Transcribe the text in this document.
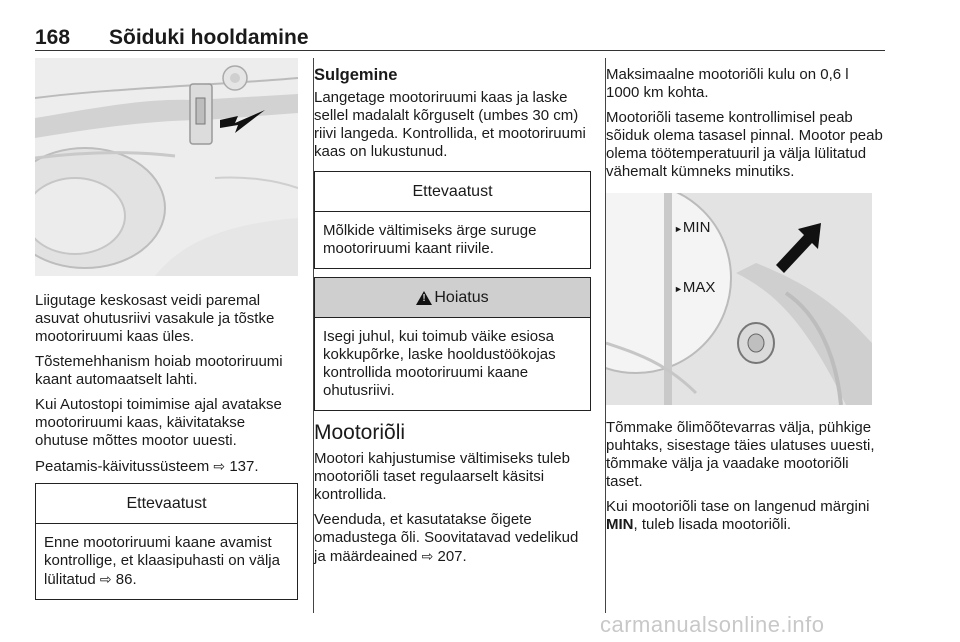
168 Sõiduki hooldamine

Liigutage keskosast veidi paremal asuvat ohutusriivi vasakule ja tõstke mootoriruumi kaas üles.

Tõstemehhanism hoiab mootoriruumi kaant automaatselt lahti.

Kui Autostopi toimimise ajal avatakse mootoriruumi kaas, käivitatakse ohutuse mõttes mootor uuesti.

Peatamis-käivitussüsteem ⇨ 137.

Ettevaatust
Enne mootoriruumi kaane avamist kontrollige, et klaasipuhasti on välja lülitatud ⇨ 86.
Sulgemine

Langetage mootoriruumi kaas ja laske sellel madalalt kõrguselt (umbes 30 cm) riivi langeda. Kontrollida, et mootoriruumi kaas on lukustunud.

Ettevaatust
Mõlkide vältimiseks ärge suruge mootoriruumi kaant riivile.
!
Hoiatus
Isegi juhul, kui toimub väike esiosa kokkupõrke, laske hooldustöökojas kontrollida mootoriruumi kaane ohutusriivi.
Mootoriõli

Mootori kahjustumise vältimiseks tuleb mootoriõli taset regulaarselt käsitsi kontrollida.

Veenduda, et kasutatakse õigete omadustega õli. Soovitatavad vedelikud ja määrdeained ⇨ 207.

Maksimaalne mootoriõli kulu on 0,6 l 1000 km kohta.

Mootoriõli taseme kontrollimisel peab sõiduk olema tasasel pinnal. Mootor peab olema töötemperatuuril ja välja lülitatud vähemalt kümneks minutiks.

►MIN
►MAX

Tõmmake õlimõõtevarras välja, pühkige puhtaks, sisestage täies ulatuses uuesti, tõmmake välja ja vaadake mootoriõli taset.

Kui mootoriõli tase on langenud märgini MIN, tuleb lisada mootoriõli.

carmanualsonline.info
